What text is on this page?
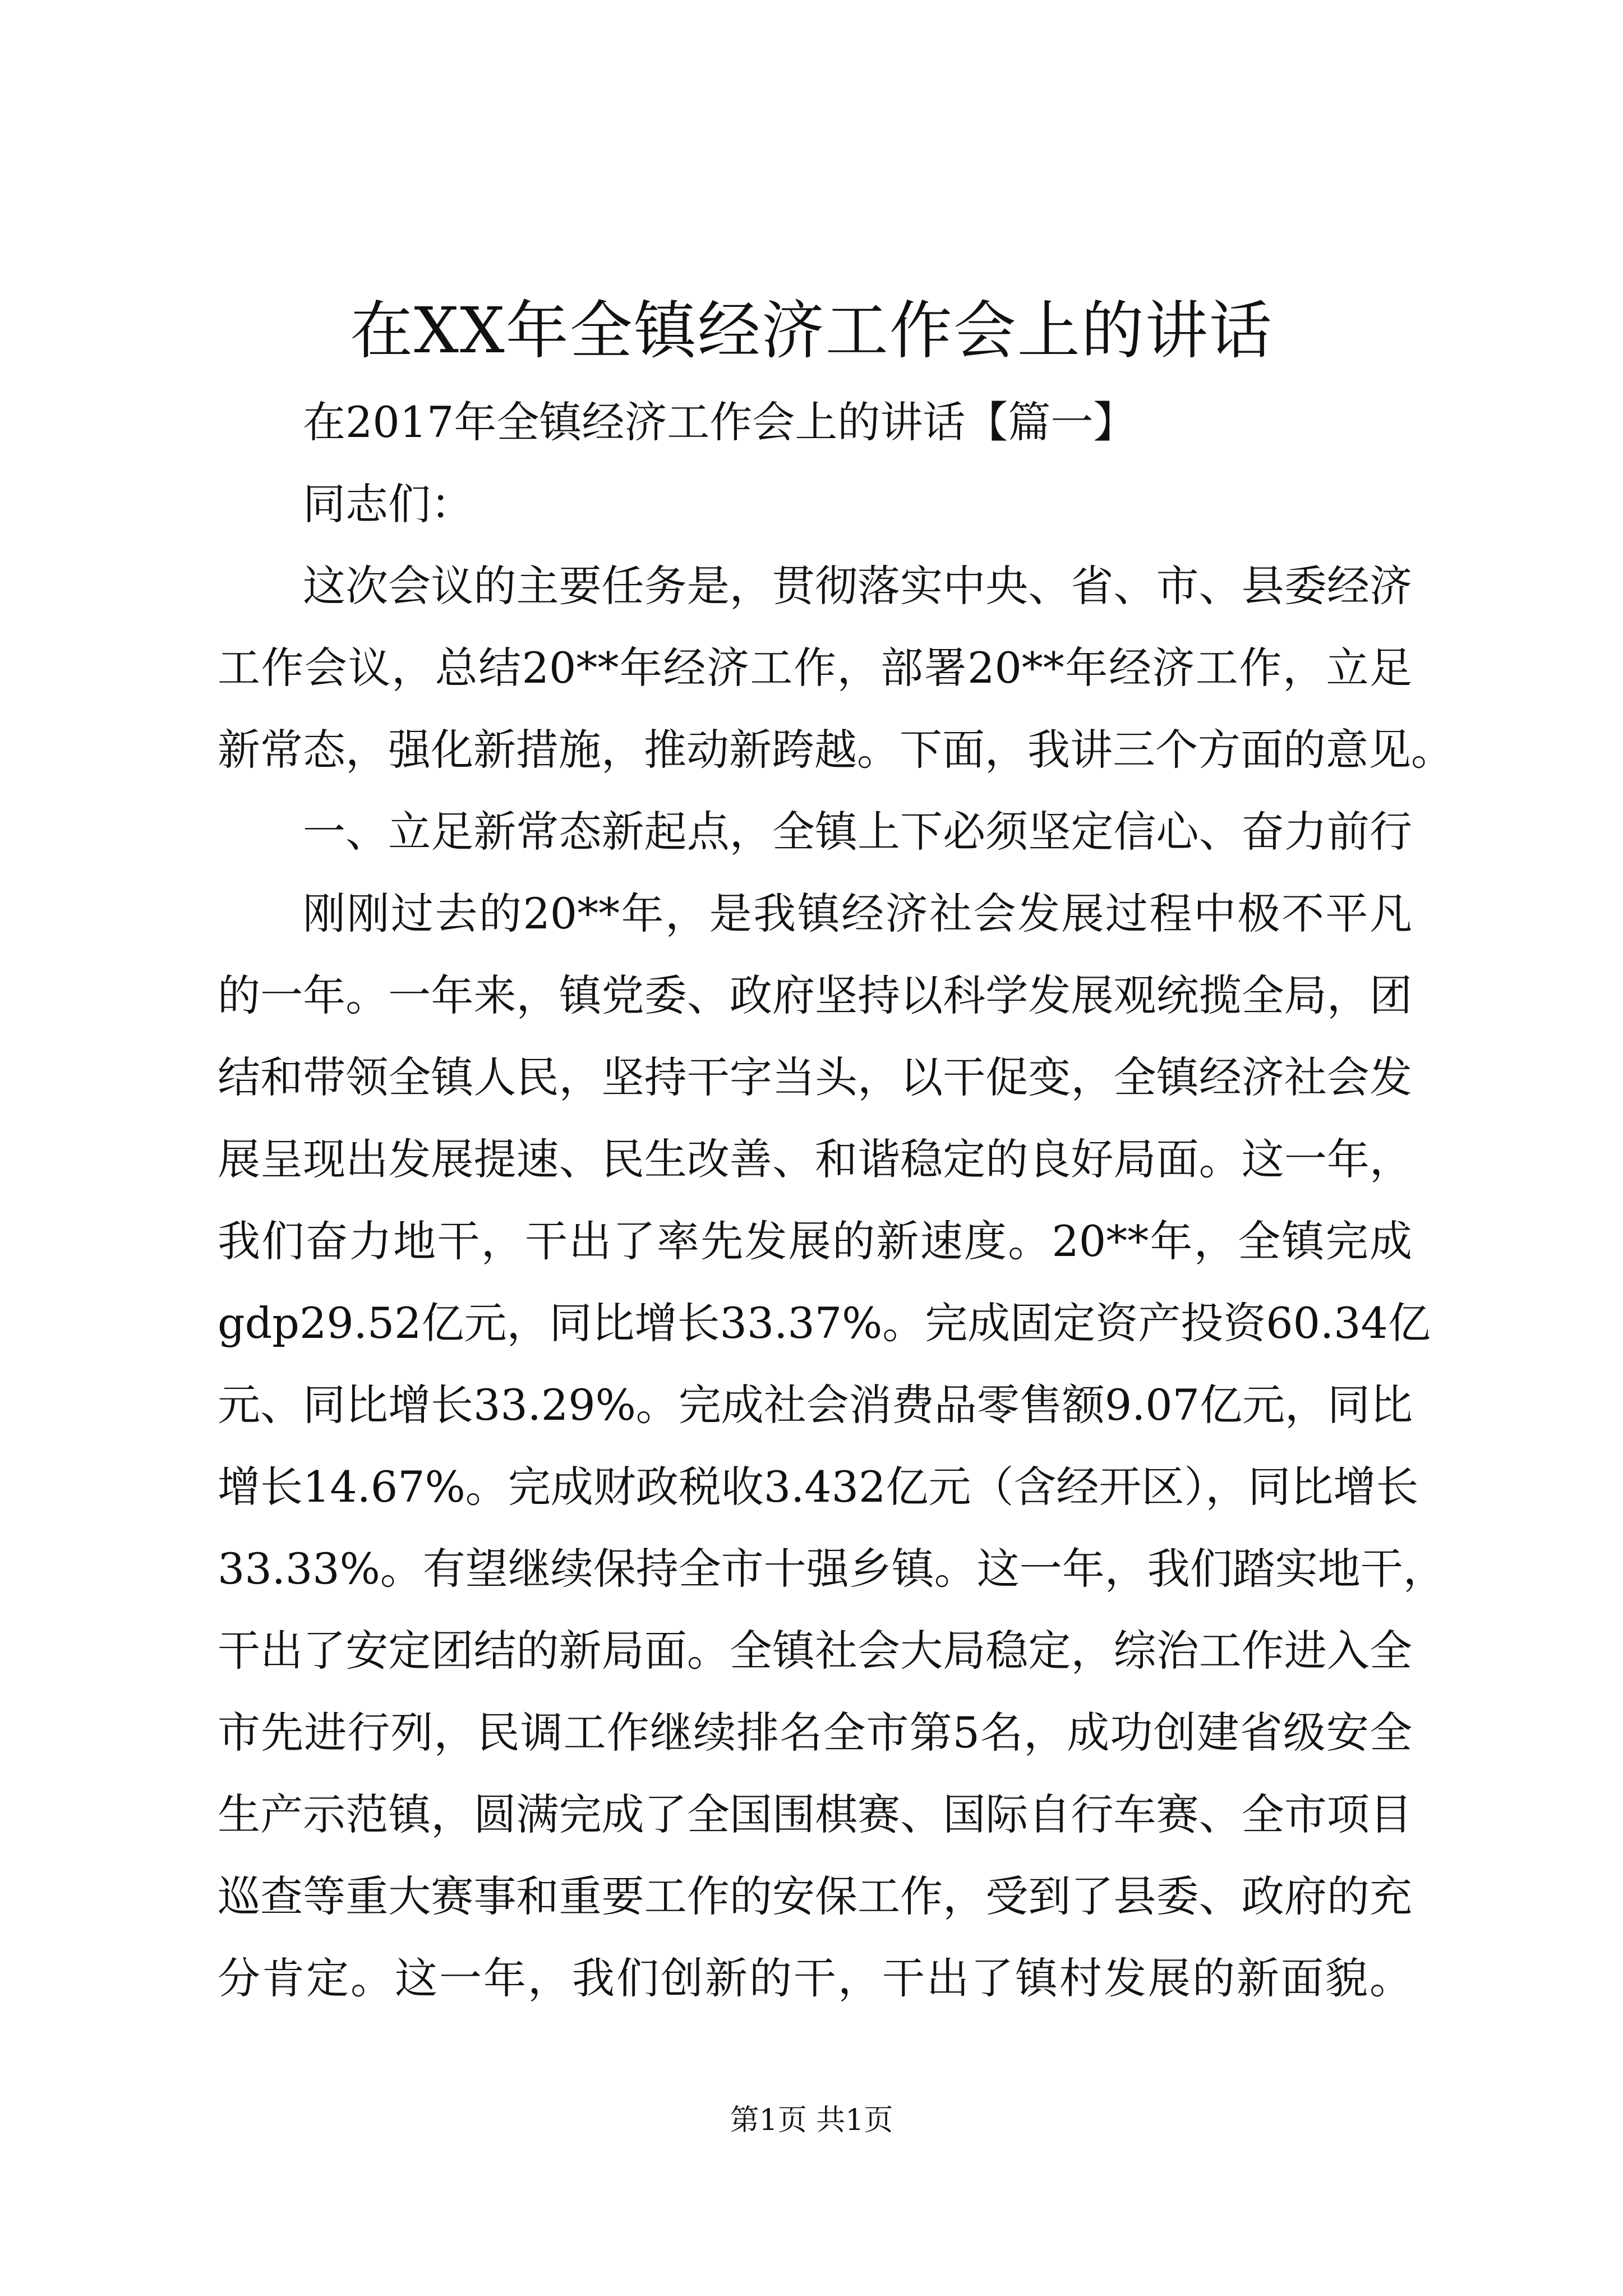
在XX年全镇经济工作会上的讲话
在2017年全镇经济工作会上的讲话【篇一】
同志们：
这次会议的主要任务是，贯彻落实中央、省、市、县委经济
工作会议，总结20**年经济工作，部署20**年经济工作，立足
新常态，强化新措施，推动新跨越。下面，我讲三个方面的意见。
一、立足新常态新起点，全镇上下必须坚定信心、奋力前行
刚刚过去的20**年，是我镇经济社会发展过程中极不平凡
的一年。一年来，镇党委、政府坚持以科学发展观统揽全局，团
结和带领全镇人民，坚持干字当头，以干促变，全镇经济社会发
展呈现出发展提速、民生改善、和谐稳定的良好局面。这一年，
我们奋力地干，干出了率先发展的新速度。20**年，全镇完成
gdp29.52亿元，同比增长33.37%。完成固定资产投资60.34亿
元、同比增长33.29%。完成社会消费品零售额9.07亿元，同比
增长14.67%。完成财政税收3.432亿元（含经开区），同比增长
33.33%。有望继续保持全市十强乡镇。这一年，我们踏实地干，
干出了安定团结的新局面。全镇社会大局稳定，综治工作进入全
市先进行列，民调工作继续排名全市第5名，成功创建省级安全
生产示范镇，圆满完成了全国围棋赛、国际自行车赛、全市项目
巡查等重大赛事和重要工作的安保工作，受到了县委、政府的充
分肯定。这一年，我们创新的干，干出了镇村发展的新面貌。
第1页 共1页
